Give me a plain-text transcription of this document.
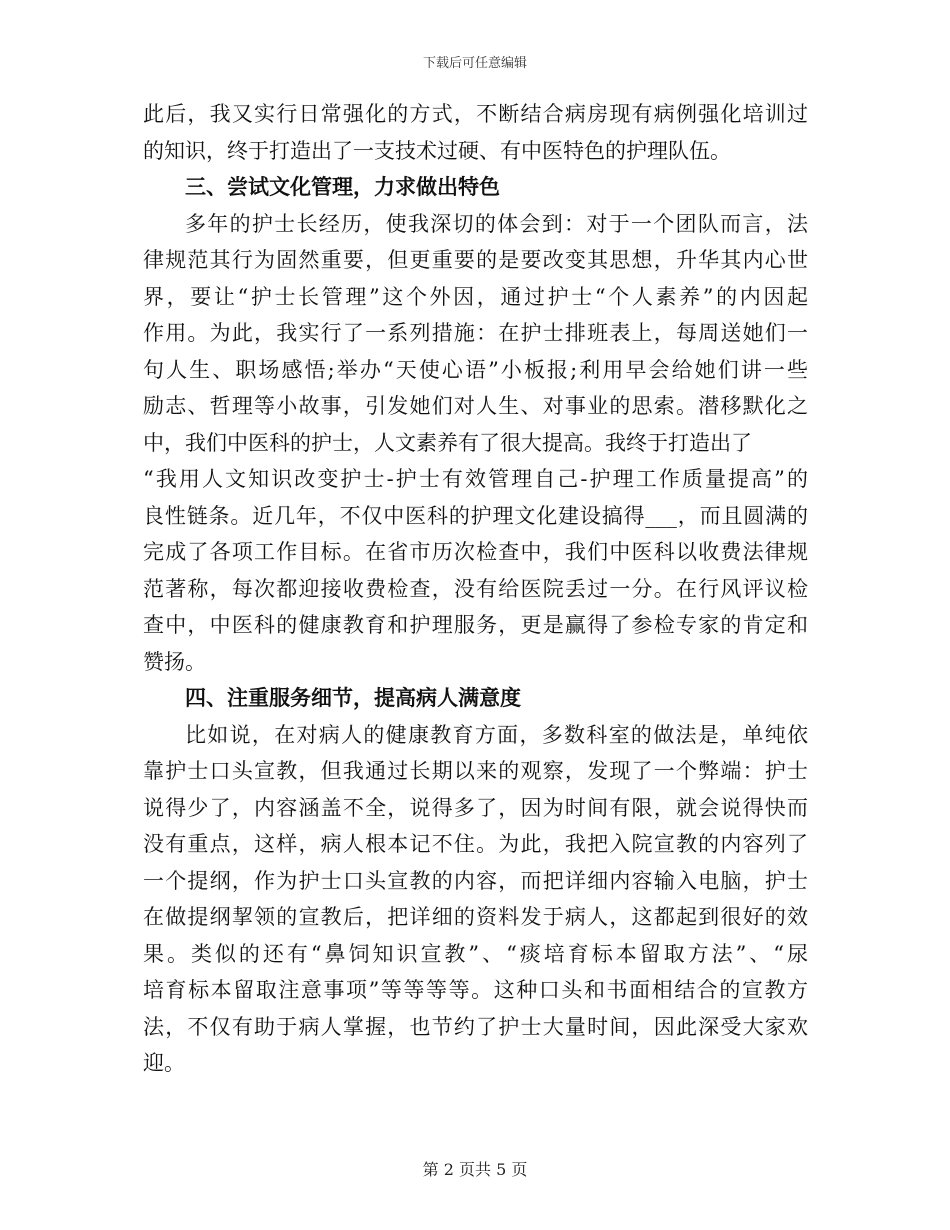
下载后可任意编辑
此后，我又实行日常强化的方式，不断结合病房现有病例强化培训过
的知识，终于打造出了一支技术过硬、有中医特色的护理队伍。
三、尝试文化管理，力求做出特色
多年的护士长经历，使我深切的体会到：对于一个团队而言，法
律规范其行为固然重要，但更重要的是要改变其思想，升华其内心世
界，要让“护士长管理”这个外因，通过护士“个人素养”的内因起
作用。为此，我实行了一系列措施：在护士排班表上，每周送她们一
句人生、职场感悟;举办“天使心语”小板报;利用早会给她们讲一些
励志、哲理等小故事，引发她们对人生、对事业的思索。潜移默化之
中，我们中医科的护士，人文素养有了很大提高。我终于打造出了
“我用人文知识改变护士-护士有效管理自己-护理工作质量提高”的
良性链条。近几年，不仅中医科的护理文化建设搞得___，而且圆满的
完成了各项工作目标。在省市历次检查中，我们中医科以收费法律规
范著称，每次都迎接收费检查，没有给医院丢过一分。在行风评议检
查中，中医科的健康教育和护理服务，更是赢得了参检专家的肯定和
赞扬。
四、注重服务细节，提高病人满意度
比如说，在对病人的健康教育方面，多数科室的做法是，单纯依
靠护士口头宣教，但我通过长期以来的观察，发现了一个弊端：护士
说得少了，内容涵盖不全，说得多了，因为时间有限，就会说得快而
没有重点，这样，病人根本记不住。为此，我把入院宣教的内容列了
一个提纲，作为护士口头宣教的内容，而把详细内容输入电脑，护士
在做提纲挈领的宣教后，把详细的资料发于病人，这都起到很好的效
果。类似的还有“鼻饲知识宣教”、“痰培育标本留取方法”、“尿
培育标本留取注意事项”等等等等。这种口头和书面相结合的宣教方
法，不仅有助于病人掌握，也节约了护士大量时间，因此深受大家欢
迎。
第 2 页共 5 页
